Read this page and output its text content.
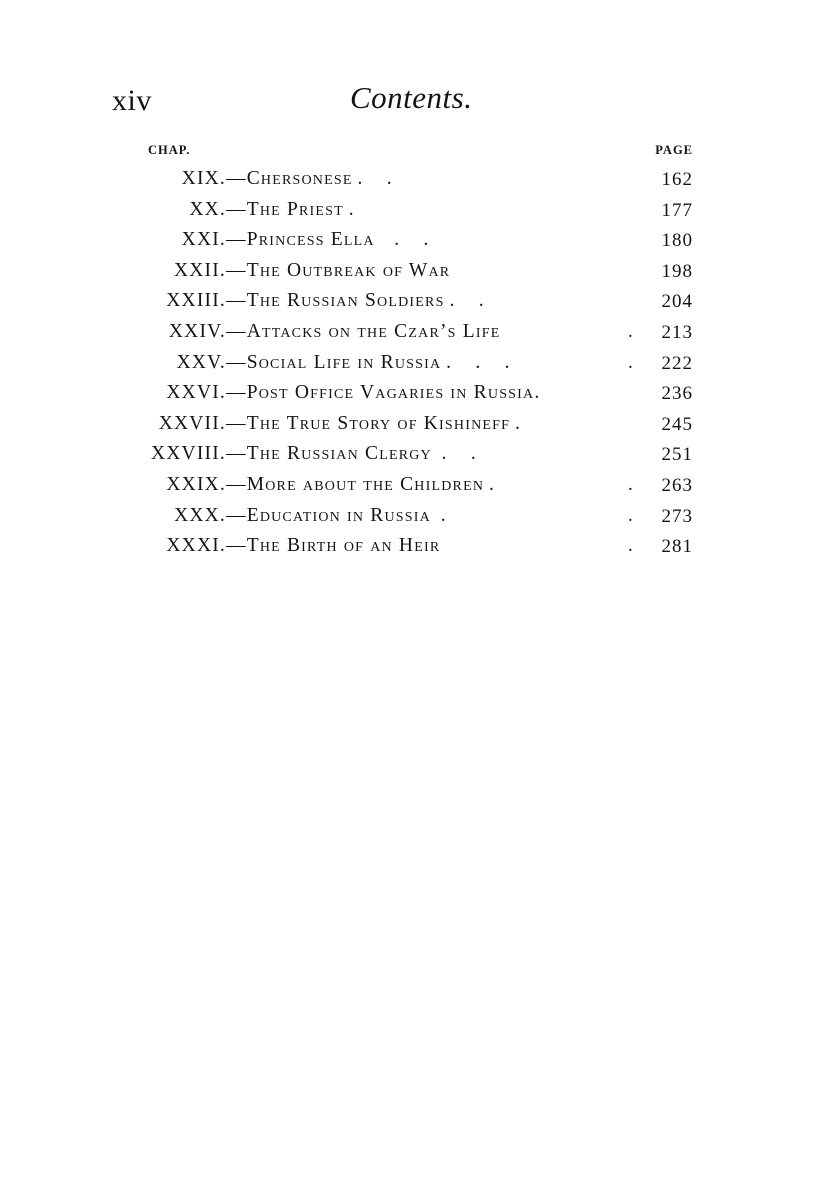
xiv	Contents.
CHAP.	PAGE
XIX. —Chersonese .     .	162
XX. —The Priest .	177
XXI. —Princess Ella    .     .	180
XXII. —The Outbreak of War	198
XXIII. —The Russian Soldiers .     .	204
XXIV. —Attacks on the Czar’s Life	. 213
XXV. —Social Life in Russia .     .     .	. 222
XXVI. —Post Office Vagaries in Russia.	236
XXVII. —The True Story of Kishineff .	245
XXVIII. —The Russian Clergy  .     .	251
XXIX. —More about the Children .	. 263
XXX. —Education in Russia  .	. 273
XXXI. —The Birth of an Heir	. 281
